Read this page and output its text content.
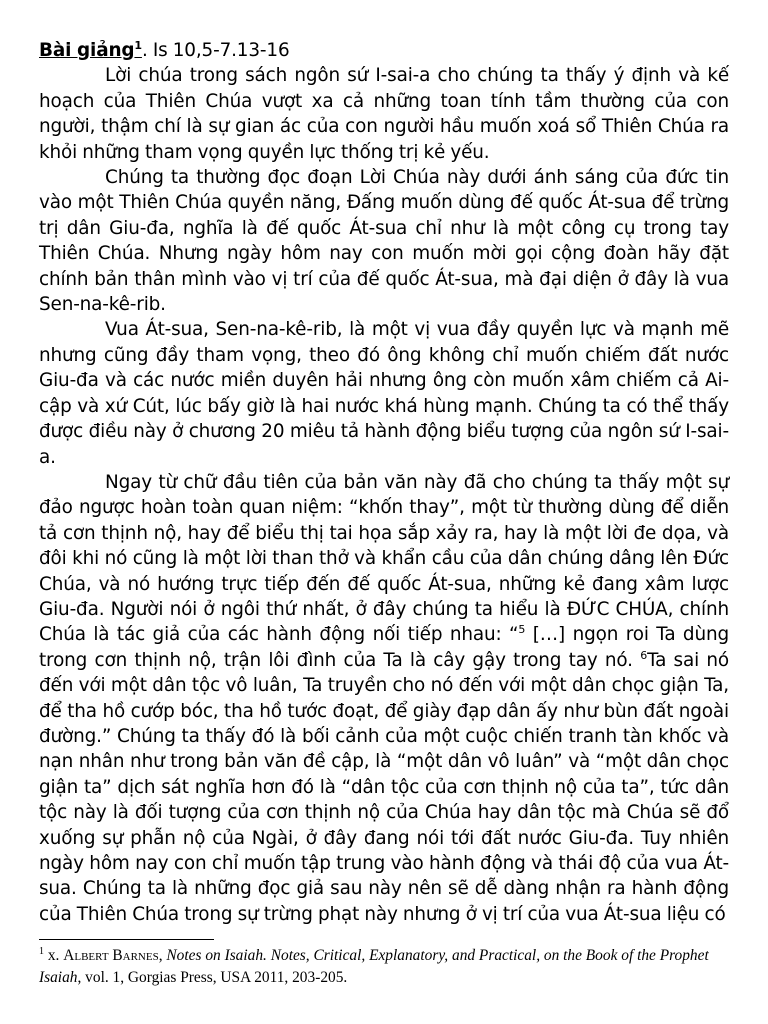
Bài giảng$^1$. Is 10,5-7.13-16

Lời chúa trong sách ngôn sứ I-sai-a cho chúng ta thấy ý định và kế hoạch của Thiên Chúa vượt xa cả những toan tính tầm thường của con người, thậm chí là sự gian ác của con người hầu muốn xoá sổ Thiên Chúa ra khỏi những tham vọng quyền lực thống trị kẻ yếu.

Chúng ta thường đọc đoạn Lời Chúa này dưới ánh sáng của đức tin vào một Thiên Chúa quyền năng, Đấng muốn dùng đế quốc Át-sua để trừng trị dân Giu-đa, nghĩa là đế quốc Át-sua chỉ như là một công cụ trong tay Thiên Chúa. Nhưng ngày hôm nay con muốn mời gọi cộng đoàn hãy đặt chính bản thân mình vào vị trí của đế quốc Át-sua, mà đại diện ở đây là vua Sen-na-kê-rib.

Vua Át-sua, Sen-na-kê-rib, là một vị vua đầy quyền lực và mạnh mẽ nhưng cũng đầy tham vọng, theo đó ông không chỉ muốn chiếm đất nước Giu-đa và các nước miền duyên hải nhưng ông còn muốn xâm chiếm cả Ai-cập và xứ Cút, lúc bấy giờ là hai nước khá hùng mạnh. Chúng ta có thể thấy được điều này ở chương 20 miêu tả hành động biểu tượng của ngôn sứ I-sai-a.

Ngay từ chữ đầu tiên của bản văn này đã cho chúng ta thấy một sự đảo ngược hoàn toàn quan niệm: “khốn thay”, một từ thường dùng để diễn tả cơn thịnh nộ, hay để biểu thị tai họa sắp xảy ra, hay là một lời đe dọa, và đôi khi nó cũng là một lời than thở và khẩn cầu của dân chúng dâng lên Đức Chúa, và nó hướng trực tiếp đến đế quốc Át-sua, những kẻ đang xâm lược Giu-đa. Người nói ở ngôi thứ nhất, ở đây chúng ta hiểu là ĐỨC CHÚA, chính Chúa là tác giả của các hành động nối tiếp nhau: “$^5$ […] ngọn roi Ta dùng trong cơn thịnh nộ, trận lôi đình của Ta là cây gậy trong tay nó. $^6$Ta sai nó đến với một dân tộc vô luân, Ta truyền cho nó đến với một dân chọc giận Ta, để tha hồ cướp bóc, tha hồ tước đoạt, để giày đạp dân ấy như bùn đất ngoài đường.” Chúng ta thấy đó là bối cảnh của một cuộc chiến tranh tàn khốc và nạn nhân như trong bản văn đề cập, là “một dân vô luân” và “một dân chọc giận ta” dịch sát nghĩa hơn đó là “dân tộc của cơn thịnh nộ của ta”, tức dân tộc này là đối tượng của cơn thịnh nộ của Chúa hay dân tộc mà Chúa sẽ đổ xuống sự phẫn nộ của Ngài, ở đây đang nói tới đất nước Giu-đa. Tuy nhiên ngày hôm nay con chỉ muốn tập trung vào hành động và thái độ của vua Át-sua. Chúng ta là những đọc giả sau này nên sẽ dễ dàng nhận ra hành động của Thiên Chúa trong sự trừng phạt này nhưng ở vị trí của vua Át-sua liệu có

$^1$ x. Albert Barnes, Notes on Isaiah. Notes, Critical, Explanatory, and Practical, on the Book of the Prophet Isaiah, vol. 1, Gorgias Press, USA 2011, 203-205.
